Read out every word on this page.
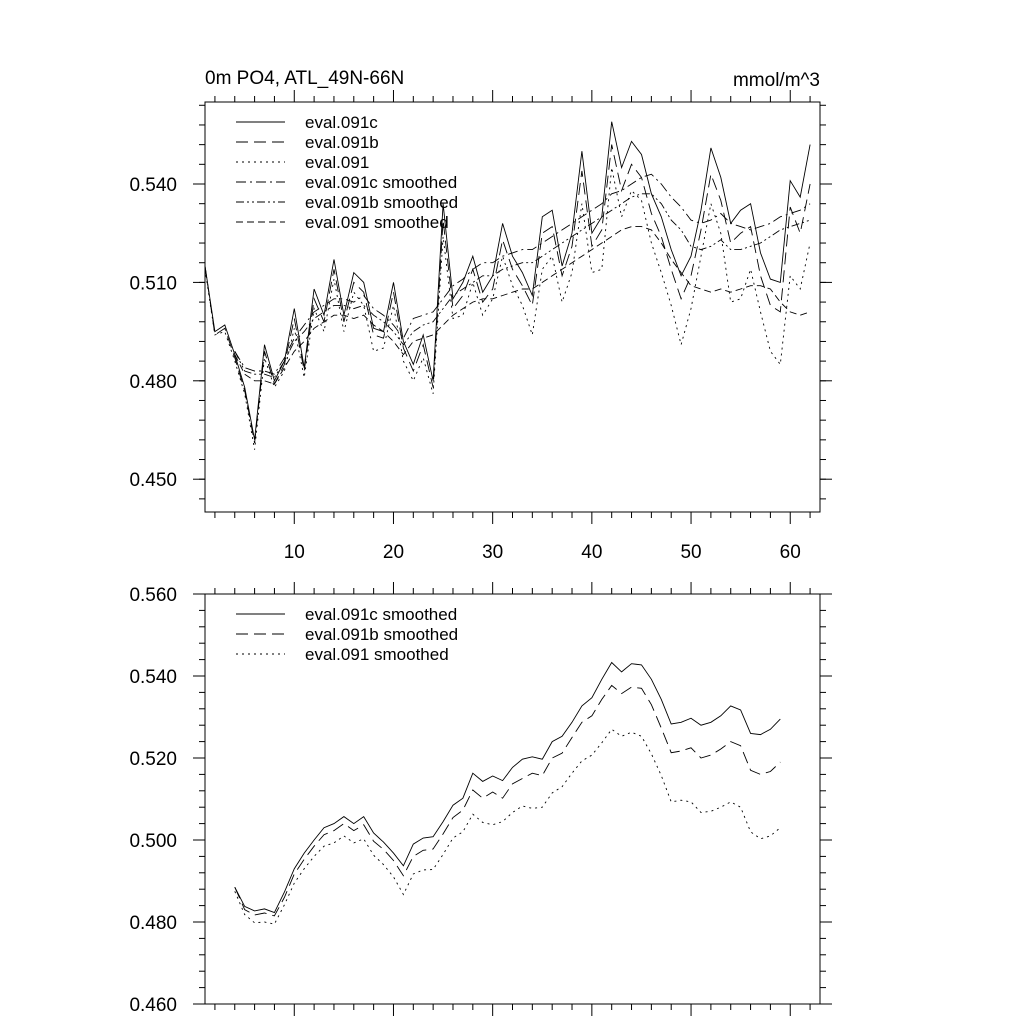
0m PO4, ATL_49N-66N	mmol/m^3
10	20	30	40	50	60
0.450
0.480
0.510
0.540
eval.091c
eval.091b
eval.091
eval.091c smoothed
eval.091b smoothed
eval.091 smoothed
0.460
0.480
0.500
0.520
0.540
0.560
eval.091c smoothed
eval.091b smoothed
eval.091 smoothed
